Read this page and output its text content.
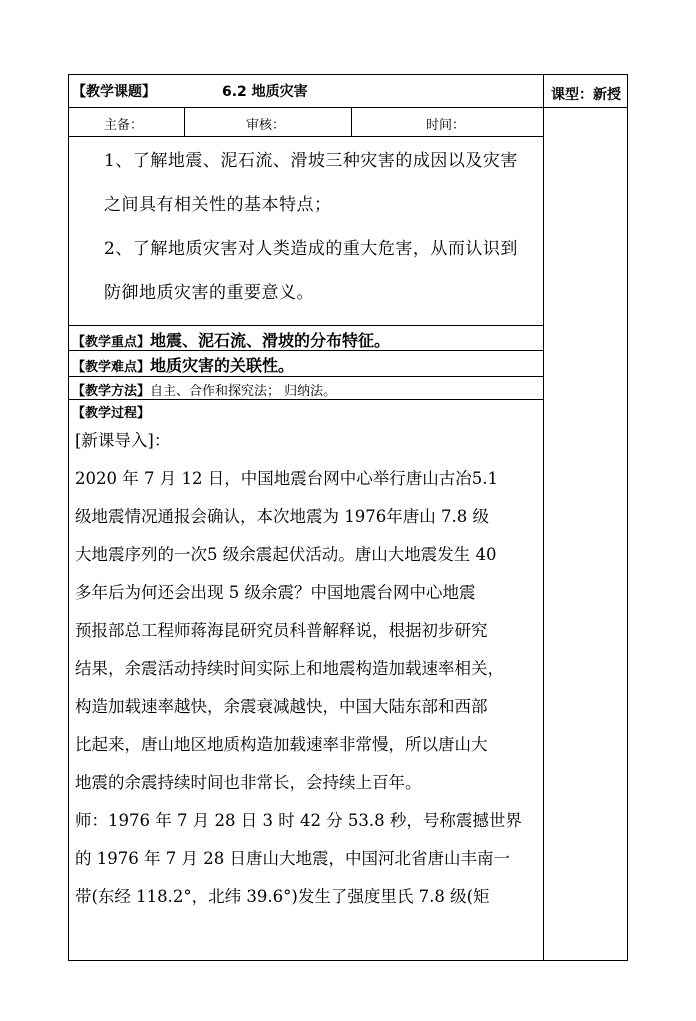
【教学课题】	6.2 地质灾害	课型：新授
主备：	审核：	时间：
1、了解地震、泥石流、滑坡三种灾害的成因以及灾害
之间具有相关性的基本特点；
2、了解地质灾害对人类造成的重大危害，从而认识到
防御地质灾害的重要意义。
【教学重点】地震、泥石流、滑坡的分布特征。
【教学难点】地质灾害的关联性。
【教学方法】自主、合作和探究法； 归纳法。
【教学过程】
[新课导入]：
2020 年 7 月 12 日，中国地震台网中心举行唐山古冶5.1
级地震情况通报会确认，本次地震为 1976年唐山 7.8 级
大地震序列的一次5 级余震起伏活动。唐山大地震发生 40
多年后为何还会出现 5 级余震？中国地震台网中心地震
预报部总工程师蒋海昆研究员科普解释说，根据初步研究
结果，余震活动持续时间实际上和地震构造加载速率相关，
构造加载速率越快，余震衰减越快，中国大陆东部和西部
比起来，唐山地区地质构造加载速率非常慢，所以唐山大
地震的余震持续时间也非常长，会持续上百年。
师：1976 年 7 月 28 日 3 时 42 分 53.8 秒，号称震撼世界
的 1976 年 7 月 28 日唐山大地震，中国河北省唐山丰南一
带(东经 118.2°，北纬 39.6°)发生了强度里氏 7.8 级(矩
